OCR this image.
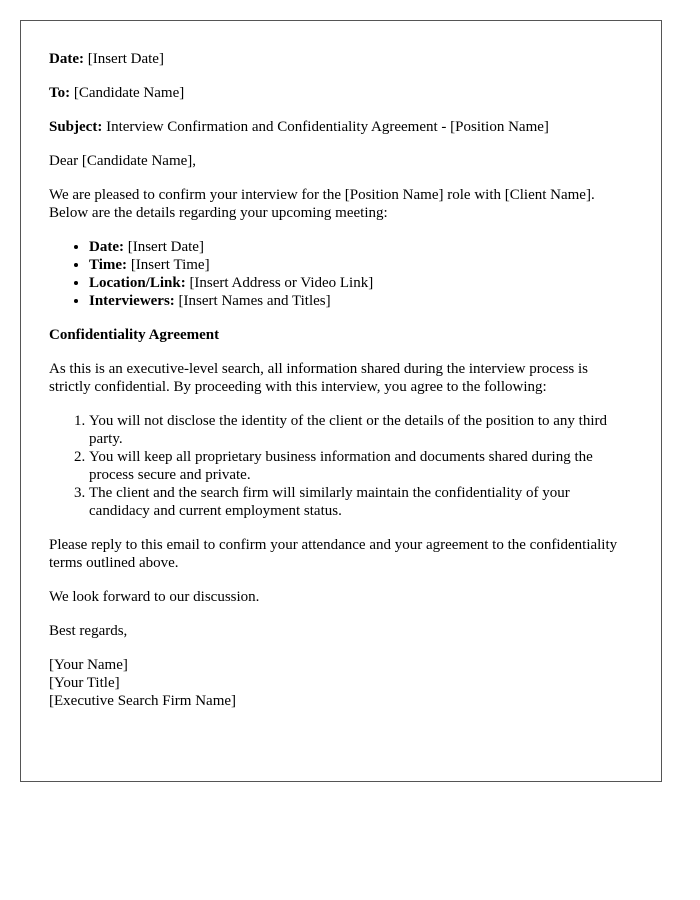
Date: [Insert Date]

To: [Candidate Name]

Subject: Interview Confirmation and Confidentiality Agreement - [Position Name]

Dear [Candidate Name],

We are pleased to confirm your interview for the [Position Name] role with [Client Name]. Below are the details regarding your upcoming meeting:

• Date: [Insert Date]
• Time: [Insert Time]
• Location/Link: [Insert Address or Video Link]
• Interviewers: [Insert Names and Titles]

Confidentiality Agreement

As this is an executive-level search, all information shared during the interview process is strictly confidential. By proceeding with this interview, you agree to the following:

1. You will not disclose the identity of the client or the details of the position to any third party.
2. You will keep all proprietary business information and documents shared during the process secure and private.
3. The client and the search firm will similarly maintain the confidentiality of your candidacy and current employment status.

Please reply to this email to confirm your attendance and your agreement to the confidentiality terms outlined above.

We look forward to our discussion.

Best regards,

[Your Name]
[Your Title]
[Executive Search Firm Name]
